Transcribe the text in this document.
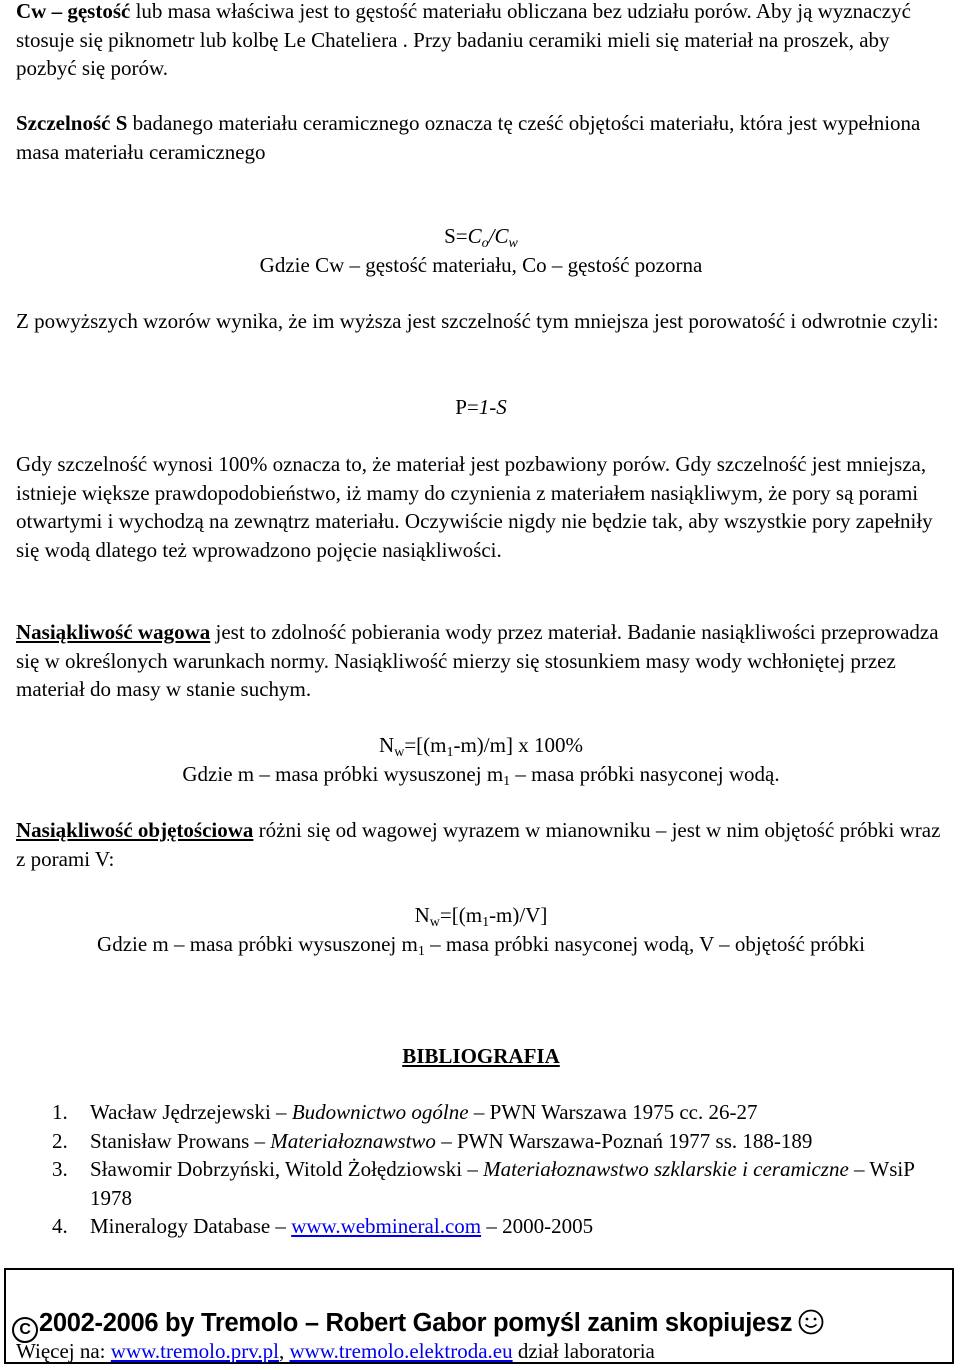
Cw – gęstość lub masa właściwa jest to gęstość materiału obliczana bez udziału porów. Aby ją wyznaczyć stosuje się piknometr lub kolbę Le Chateliera . Przy badaniu ceramiki mieli się materiał na proszek, aby pozbyć się porów.

Szczelność S badanego materiału ceramicznego oznacza tę cześć objętości materiału, która jest wypełniona masa materiału ceramicznego

$S=C_o/C_w$

Gdzie Cw – gęstość materiału, Co – gęstość pozorna

Z powyższych wzorów wynika, że im wyższa jest szczelność tym mniejsza jest porowatość i odwrotnie czyli:

P=1-S

Gdy szczelność wynosi 100% oznacza to, że materiał jest pozbawiony porów. Gdy szczelność jest mniejsza, istnieje większe prawdopodobieństwo, iż mamy do czynienia z materiałem nasiąkliwym, że pory są porami otwartymi i wychodzą na zewnątrz materiału. Oczywiście nigdy nie będzie tak, aby wszystkie pory zapełniły się wodą dlatego też wprowadzono pojęcie nasiąkliwości.

Nasiąkliwość wagowa jest to zdolność pobierania wody przez materiał. Badanie nasiąkliwości przeprowadza się w określonych warunkach normy. Nasiąkliwość mierzy się stosunkiem masy wody wchłoniętej przez materiał do masy w stanie suchym.

$N_w=[(m_1-m)/m]$ x 100%

Gdzie m – masa próbki wysuszonej $m_1$ – masa próbki nasyconej wodą.

Nasiąkliwość objętościowa różni się od wagowej wyrazem w mianowniku – jest w nim objętość próbki wraz z porami V:

$N_w=[(m_1-m)/V]$

Gdzie m – masa próbki wysuszonej $m_1$ – masa próbki nasyconej wodą, V – objętość próbki

BIBLIOGRAFIA

1.	Wacław Jędrzejewski – Budownictwo ogólne – PWN Warszawa 1975 cc. 26-27
2.	Stanisław Prowans – Materiałoznawstwo – PWN Warszawa-Poznań 1977 ss. 188-189
3.	Sławomir Dobrzyński, Witold Żołędziowski – Materiałoznawstwo szklarskie i ceramiczne – WsiP 1978
4.	Mineralogy Database – www.webmineral.com – 2000-2005
C 2002-2006 by Tremolo – Robert Gabor pomyśl zanim skopiujesz
Więcej na: www.tremolo.prv.pl, www.tremolo.elektroda.eu dział laboratoria
